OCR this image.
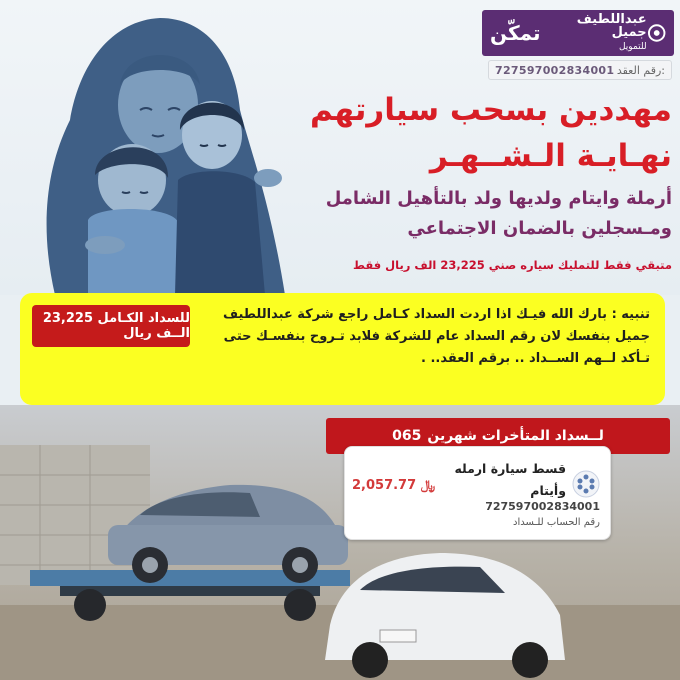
عبداللطيف جميل
للتمويل
تمكّن
727597002834001 رقم العقد:
مهددين بسحب سيارتهم
نهـايـة الـشــهـر
أرملة وايتام ولديها ولد بالتأهيل الشامل
ومـسجلين بالضمان الاجتماعي
متبقي فقط للتمليك سياره صني 23,225 الف ريال فقط
تنبيه : بارك الله فيـك اذا اردت السداد كـامل راجع شركة عبداللطيف جميل بنفسك لان رقم السداد عام للشركة فلابد تـروح بنفسـك حتى تـأكد لــهم الســداد .. برقم العقد.. .
للسداد الكـامل 23,225 الــف ريال
لــسداد المتأخرات شهرين
065
قسط سيارة ارمله وأيتام
﷼ 2,057.77
727597002834001
رقم الحساب للـسداد
